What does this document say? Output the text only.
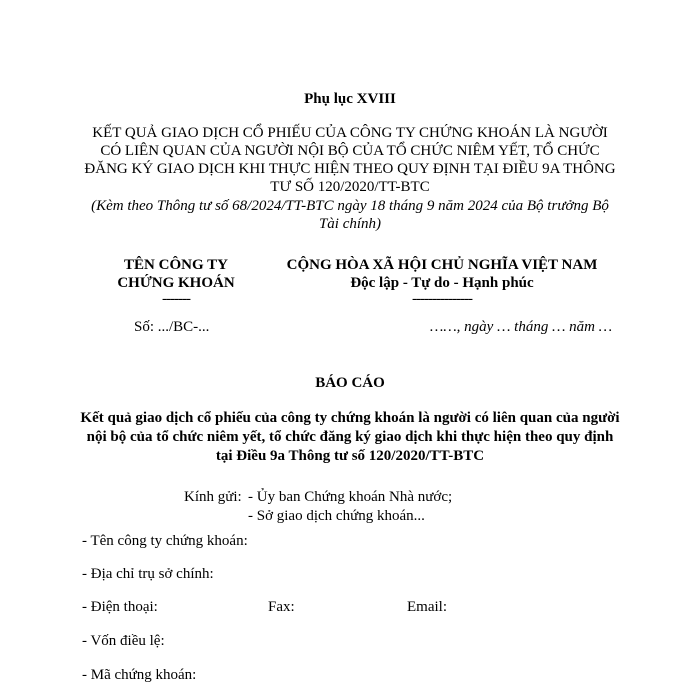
Phụ lục XVIII
KẾT QUẢ GIAO DỊCH CỔ PHIẾU CỦA CÔNG TY CHỨNG KHOÁN LÀ NGƯỜI
CÓ LIÊN QUAN CỦA NGƯỜI NỘI BỘ CỦA TỔ CHỨC NIÊM YẾT, TỔ CHỨC
ĐĂNG KÝ GIAO DỊCH KHI THỰC HIỆN THEO QUY ĐỊNH TẠI ĐIỀU 9A THÔNG
TƯ SỐ 120/2020/TT-BTC
(Kèm theo Thông tư số 68/2024/TT-BTC ngày 18 tháng 9 năm 2024 của Bộ trưởng Bộ
Tài chính)
TÊN CÔNG TY
CHỨNG KHOÁN
-------
Số: .../BC-...
CỘNG HÒA XÃ HỘI CHỦ NGHĨA VIỆT NAM
Độc lập - Tự do - Hạnh phúc
---------------
……, ngày … tháng … năm …
BÁO CÁO
Kết quả giao dịch cổ phiếu của công ty chứng khoán là người có liên quan của người
nội bộ của tổ chức niêm yết, tổ chức đăng ký giao dịch khi thực hiện theo quy định
tại Điều 9a Thông tư số 120/2020/TT-BTC
Kính gửi: - Ủy ban Chứng khoán Nhà nước;
- Sở giao dịch chứng khoán...
- Tên công ty chứng khoán:
- Địa chỉ trụ sở chính:
- Điện thoại:	Fax:	Email:
- Vốn điều lệ:
- Mã chứng khoán:
